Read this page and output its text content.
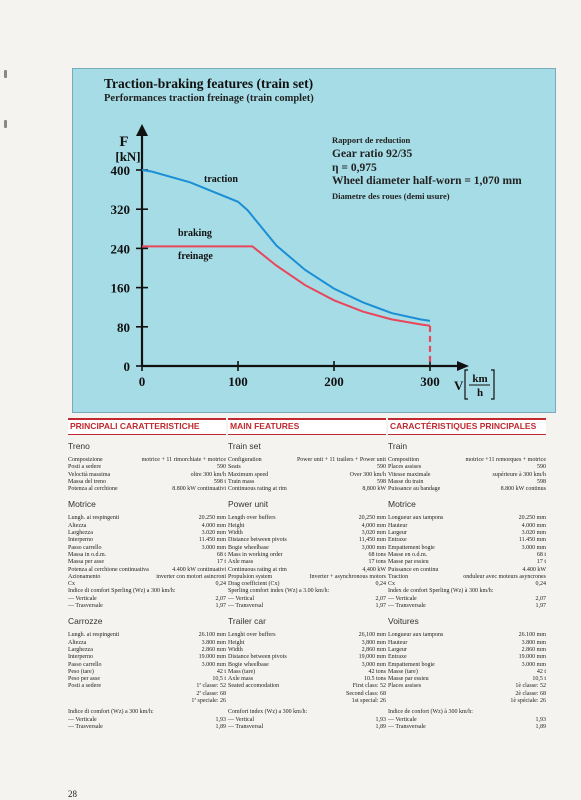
Traction-braking features (train set)
Performances traction freinage (train complet)
0
80
160
240
320
400
0	100	200	300
F
[kN]
V km
h
traction
braking
freinage
Rapport de reduction
Gear ratio 92/35
η = 0,975
Wheel diameter half-worn = 1,070 mm
Diametre des roues (demi usure)
PRINCIPALI CARATTERISTICHE
Treno
Composizione	motrice + 11 rimorchiate + motrice
Posti a sedere	590
Velocità massima	oltre 300 km/h
Massa del treno	598 t
Potenza al cerchione	8.800 kW continuativi
Motrice
Lungh. ai respingenti	20.250 mm
Altezza	4.000 mm
Larghezza	3.020 mm
Interperno	11.450 mm
Passo carrello	3.000 mm
Massa in o.d.m.	68 t
Massa per asse	17 t
Potenza al cerchione continuativa	4.400 kW continuativi
Azionamento	inverter con motori asincroni
Cx	0,24
Indice di comfort Sperling (Wz) a 300 km/h:
— Verticale	2,07
— Trasversale	1,97
Carrozze
Lungh. ai respingenti	26.100 mm
Altezza	3.800 mm
Larghezza	2.860 mm
Interperno	19.000 mm
Passo carrello	3.000 mm
Peso (tare)	42 t
Peso per asse	10,5 t
Posti a sedere	1ª classe: 52
2ª classe: 68
1ª speciale: 26
Indice di comfort (Wz) a 300 km/h:
— Verticale	1,93
— Trasversale	1,89
MAIN FEATURES
Train set
Configuration	Power unit + 11 trailers + Power unit
Seats	590
Maximum speed	Over 300 km/h
Train mass	598
Continuous rating at rim	8,800 kW
Power unit
Length over buffers	20,250 mm
Height	4,000 mm
Width	3,020 mm
Distance between pivots	11,450 mm
Bogie wheelbase	3,000 mm
Mass in working order	68 tons
Axle mass	17 tons
Continuous rating at rim	4,400 kW
Propulsion system	Inverter + asynchronous motors
Drag coefficient (Cx)	0,24
Sperling comfort index (Wz) a 3.00 km/h:
— Vertical	2,07
— Transversal	1,97
Trailer car
Lenght over buffers	26,100 mm
Height	3,800 mm
Width	2,860 mm
Distance between pivots	19,000 mm
Bogie wheelbase	3,000 mm
Mass (tare)	42 tons
Axle mass	10.5 tons
Seated accomodation	First class: 52
Second class: 68
1st special: 26
Comfort index (Wz) a 300 km/h:
— Vertical	1,93
— Transversal	1,89
CARACTÉRISTIQUES PRINCIPALES
Train
Composition	motrice +11 remorques + motrice
Places assises	590
Vitesse maximale	supérieure à 300 km/h
Masse du train	598
Puissance au bandage	8.800 kW continus
Motrice
Longueur aux tampons	20.250 mm
Hauteur	4.000 mm
Largeur	3.020 mm
Entraxe	11.450 mm
Empattement bogie	3.000 mm
Masse en o.d.m.	68 t
Masse par essieu	17 t
Puissance en continu	4.400 kW
Traction	onduleur avec moteurs asyncrones
Cx	0,24
Index de confort Sperling (Wz) à 300 km/h:
— Verticale	2,07
— Transversale	1,97
Voitures
Longueur aux tampons	26.100 mm
Hauteur	3.800 mm
Largeur	2.860 mm
Entraxe	19.000 mm
Empattement bogie	3.000 mm
Masse (tare)	42 t
Masse par essieu	10,5 t
Places assises	1è classe: 52
2è classe: 68
1è spéciale: 26
Indice de confort (Wz) à 300 km/h:
— Verticale	1,93
— Transversale	1,89
28
